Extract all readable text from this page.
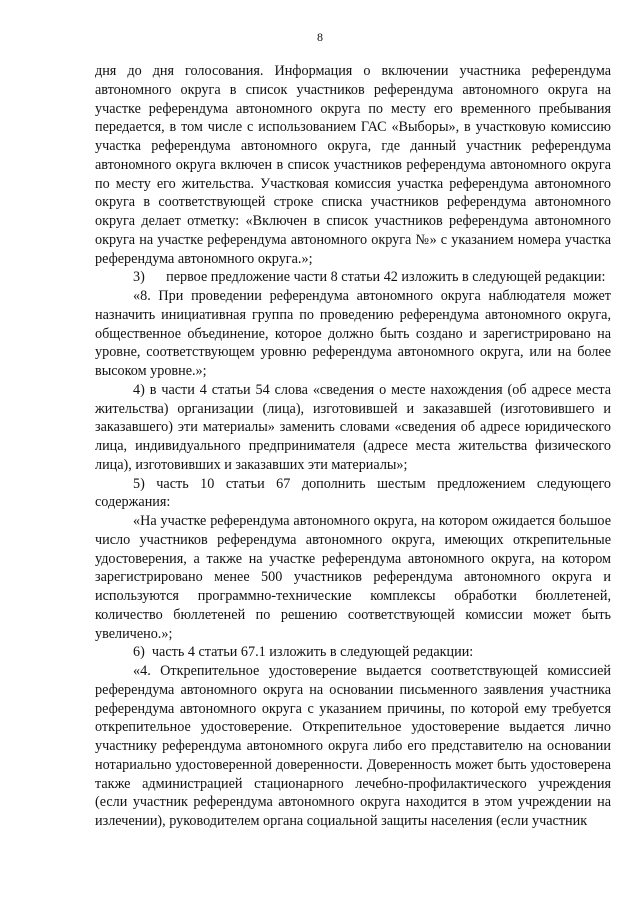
8

дня до дня голосования. Информация о включении участника референдума автономного округа в список участников референдума автономного округа на участке референдума автономного округа по месту его временного пребывания передается, в том числе с использованием ГАС «Выборы», в участковую комиссию участка референдума автономного округа, где данный участник референдума автономного округа включен в список участников референдума автономного округа по месту его жительства. Участковая комиссия участка референдума автономного округа в соответствующей строке списка участников референдума автономного округа делает отметку: «Включен в список участников референдума автономного округа на участке референдума автономного округа №» с указанием номера участка референдума автономного округа.»;

3)      первое предложение части 8 статьи 42 изложить в следующей редакции:

«8. При проведении референдума автономного округа наблюдателя может назначить инициативная группа по проведению референдума автономного округа, общественное объединение, которое должно быть создано и зарегистрировано на уровне, соответствующем уровню референдума автономного округа, или на более высоком уровне.»;

4) в части 4 статьи 54 слова «сведения о месте нахождения (об адресе места жительства) организации (лица), изготовившей и заказавшей (изготовившего и заказавшего) эти материалы» заменить словами «сведения об адресе юридического лица, индивидуального предпринимателя (адресе места жительства физического лица), изготовивших и заказавших эти материалы»;

5) часть 10 статьи 67 дополнить шестым предложением следующего содержания:

«На участке референдума автономного округа, на котором ожидается большое число участников референдума автономного округа, имеющих открепительные удостоверения, а также на участке референдума автономного округа, на котором зарегистрировано менее 500 участников референдума автономного округа и используются программно-технические комплексы обработки бюллетеней, количество бюллетеней по решению соответствующей комиссии может быть увеличено.»;

6)  часть 4 статьи 67.1 изложить в следующей редакции:

«4. Открепительное удостоверение выдается соответствующей комиссией референдума автономного округа на основании письменного заявления участника референдума автономного округа с указанием причины, по которой ему требуется открепительное удостоверение. Открепительное удостоверение выдается лично участнику референдума автономного округа либо его представителю на основании нотариально удостоверенной доверенности. Доверенность может быть удостоверена также администрацией стационарного лечебно-профилактического учреждения (если участник референдума автономного округа находится в этом учреждении на излечении), руководителем органа социальной защиты населения (если участник
